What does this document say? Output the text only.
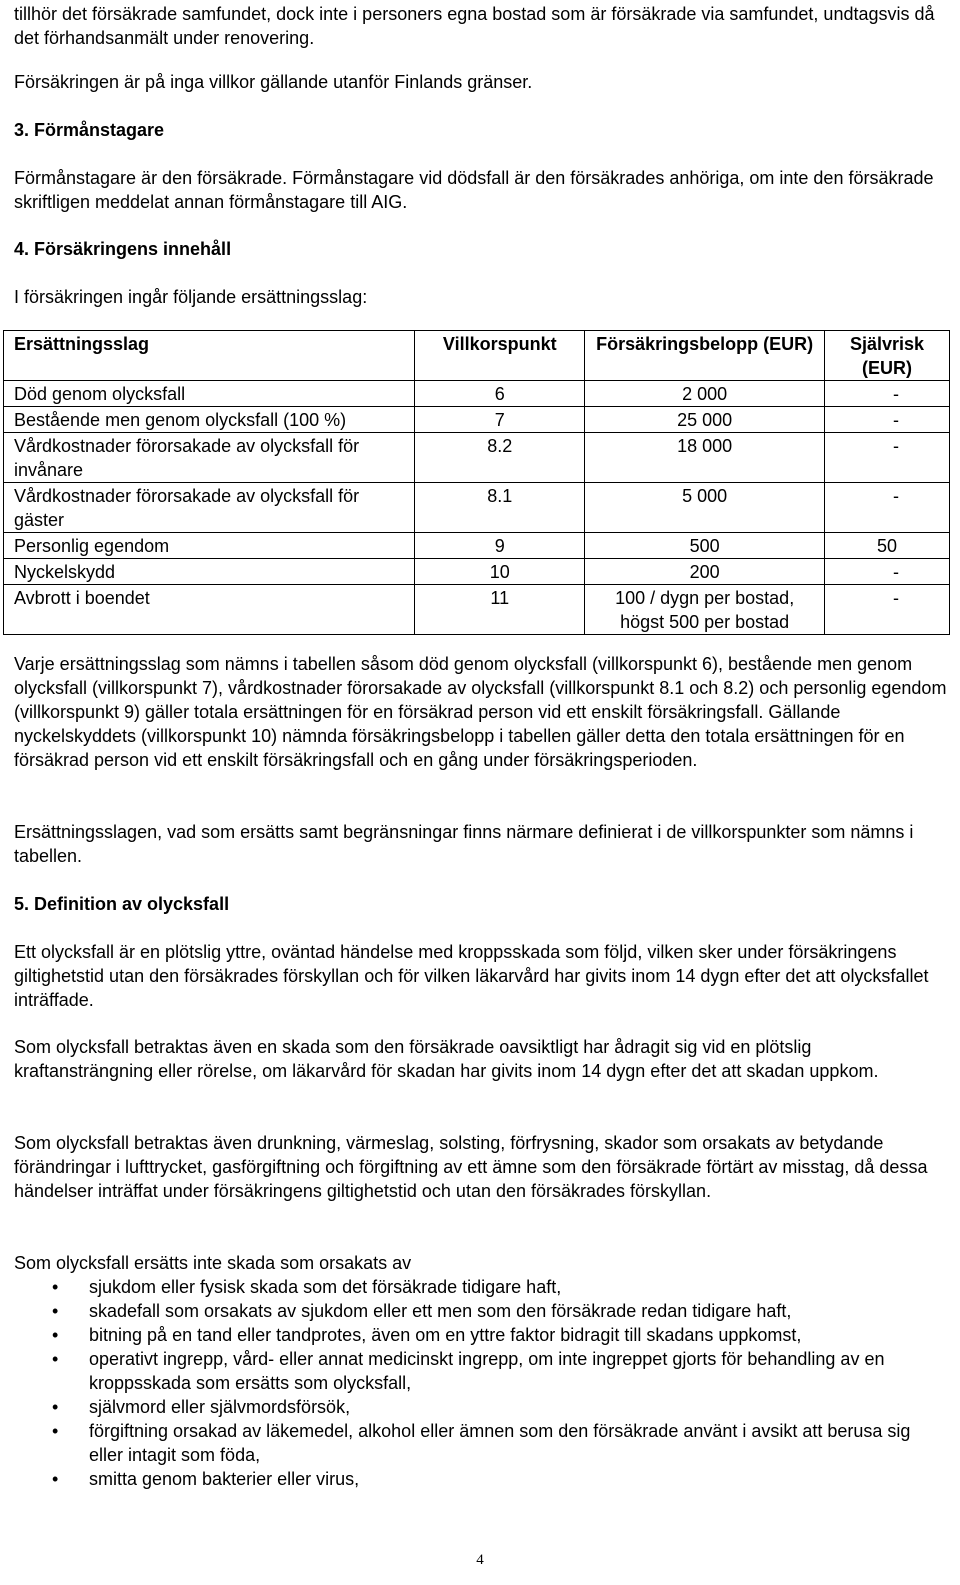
tillhör det försäkrade samfundet, dock inte i personers egna bostad som är försäkrade via samfundet, undtagsvis då det förhandsanmält under renovering.

Försäkringen är på inga villkor gällande utanför Finlands gränser.

3. Förmånstagare

Förmånstagare är den försäkrade. Förmånstagare vid dödsfall är den försäkrades anhöriga, om inte den försäkrade skriftligen meddelat annan förmånstagare till AIG.

4. Försäkringens innehåll

I försäkringen ingår följande ersättningsslag:

Ersättningsslag	Villkorspunkt	Försäkringsbelopp (EUR)	Självrisk (EUR)
Död genom olycksfall	6	2 000	-
Bestående men genom olycksfall (100 %)	7	25 000	-
Vårdkostnader förorsakade av olycksfall för invånare	8.2	18 000	-
Vårdkostnader förorsakade av olycksfall för gäster	8.1	5 000	-
Personlig egendom	9	500	50
Nyckelskydd	10	200	-
Avbrott i boendet	11	100 / dygn per bostad, högst 500 per bostad	-

Varje ersättningsslag som nämns i tabellen såsom död genom olycksfall (villkorspunkt 6), bestående men genom olycksfall (villkorspunkt 7), vårdkostnader förorsakade av olycksfall (villkorspunkt 8.1 och 8.2) och personlig egendom (villkorspunkt 9) gäller totala ersättningen för en försäkrad person vid ett enskilt försäkringsfall. Gällande nyckelskyddets (villkorspunkt 10) nämnda försäkringsbelopp i tabellen gäller detta den totala ersättningen för en försäkrad person vid ett enskilt försäkringsfall och en gång under försäkringsperioden.

Ersättningsslagen, vad som ersätts samt begränsningar finns närmare definierat i de villkorspunkter som nämns i tabellen.

5. Definition av olycksfall

Ett olycksfall är en plötslig yttre, oväntad händelse med kroppsskada som följd, vilken sker under försäkringens giltighetstid utan den försäkrades förskyllan och för vilken läkarvård har givits inom 14 dygn efter det att olycksfallet inträffade.

Som olycksfall betraktas även en skada som den försäkrade oavsiktligt har ådragit sig vid en plötslig kraftansträngning eller rörelse, om läkarvård för skadan har givits inom 14 dygn efter det att skadan uppkom.

Som olycksfall betraktas även drunkning, värmeslag, solsting, förfrysning, skador som orsakats av betydande förändringar i lufttrycket, gasförgiftning och förgiftning av ett ämne som den försäkrade förtärt av misstag, då dessa händelser inträffat under försäkringens giltighetstid och utan den försäkrades förskyllan.

Som olycksfall ersätts inte skada som orsakats av

• sjukdom eller fysisk skada som det försäkrade tidigare haft,
• skadefall som orsakats av sjukdom eller ett men som den försäkrade redan tidigare haft,
• bitning på en tand eller tandprotes, även om en yttre faktor bidragit till skadans uppkomst,
• operativt ingrepp, vård- eller annat medicinskt ingrepp, om inte ingreppet gjorts för behandling av en kroppsskada som ersätts som olycksfall,
• självmord eller självmordsförsök,
• förgiftning orsakad av läkemedel, alkohol eller ämnen som den försäkrade använt i avsikt att berusa sig eller intagit som föda,
• smitta genom bakterier eller virus,
4
